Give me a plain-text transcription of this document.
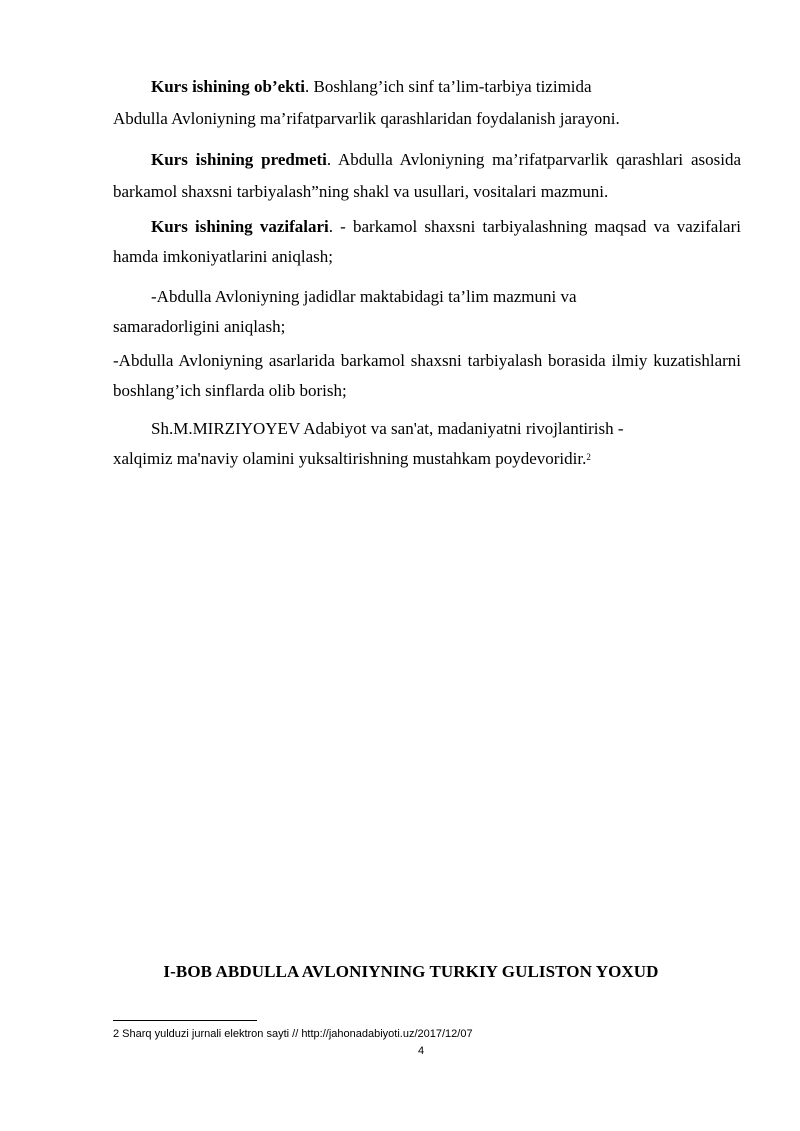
Kurs ishining ob’ekti. Boshlang’ich sinf ta’lim-tarbiya tizimida
Abdulla Avloniyning ma’rifatparvarlik qarashlaridan foydalanish jarayoni.
Kurs ishining predmeti. Abdulla Avloniyning ma’rifatparvarlik qarashlari asosida barkamol shaxsni tarbiyalash”ning shakl va usullari, vositalari mazmuni.
Kurs ishining vazifalari. - barkamol shaxsni tarbiyalashning maqsad va vazifalari hamda imkoniyatlarini aniqlash;
-Abdulla Avloniyning jadidlar maktabidagi ta’lim mazmuni va
samaradorligini aniqlash;
-Abdulla Avloniyning asarlarida barkamol shaxsni tarbiyalash borasida ilmiy kuzatishlarni boshlang’ich sinflarda olib borish;
Sh.M.MIRZIYOYEV Adabiyot va san'at, madaniyatni rivojlantirish -
xalqimiz ma'naviy olamini yuksaltirishning mustahkam poydevoridir.$^2$
I-BOB ABDULLA AVLONIYNING TURKIY GULISTON YOXUD
2 Sharq yulduzi jurnali elektron sayti // http://jahonadabiyoti.uz/2017/12/07
4
